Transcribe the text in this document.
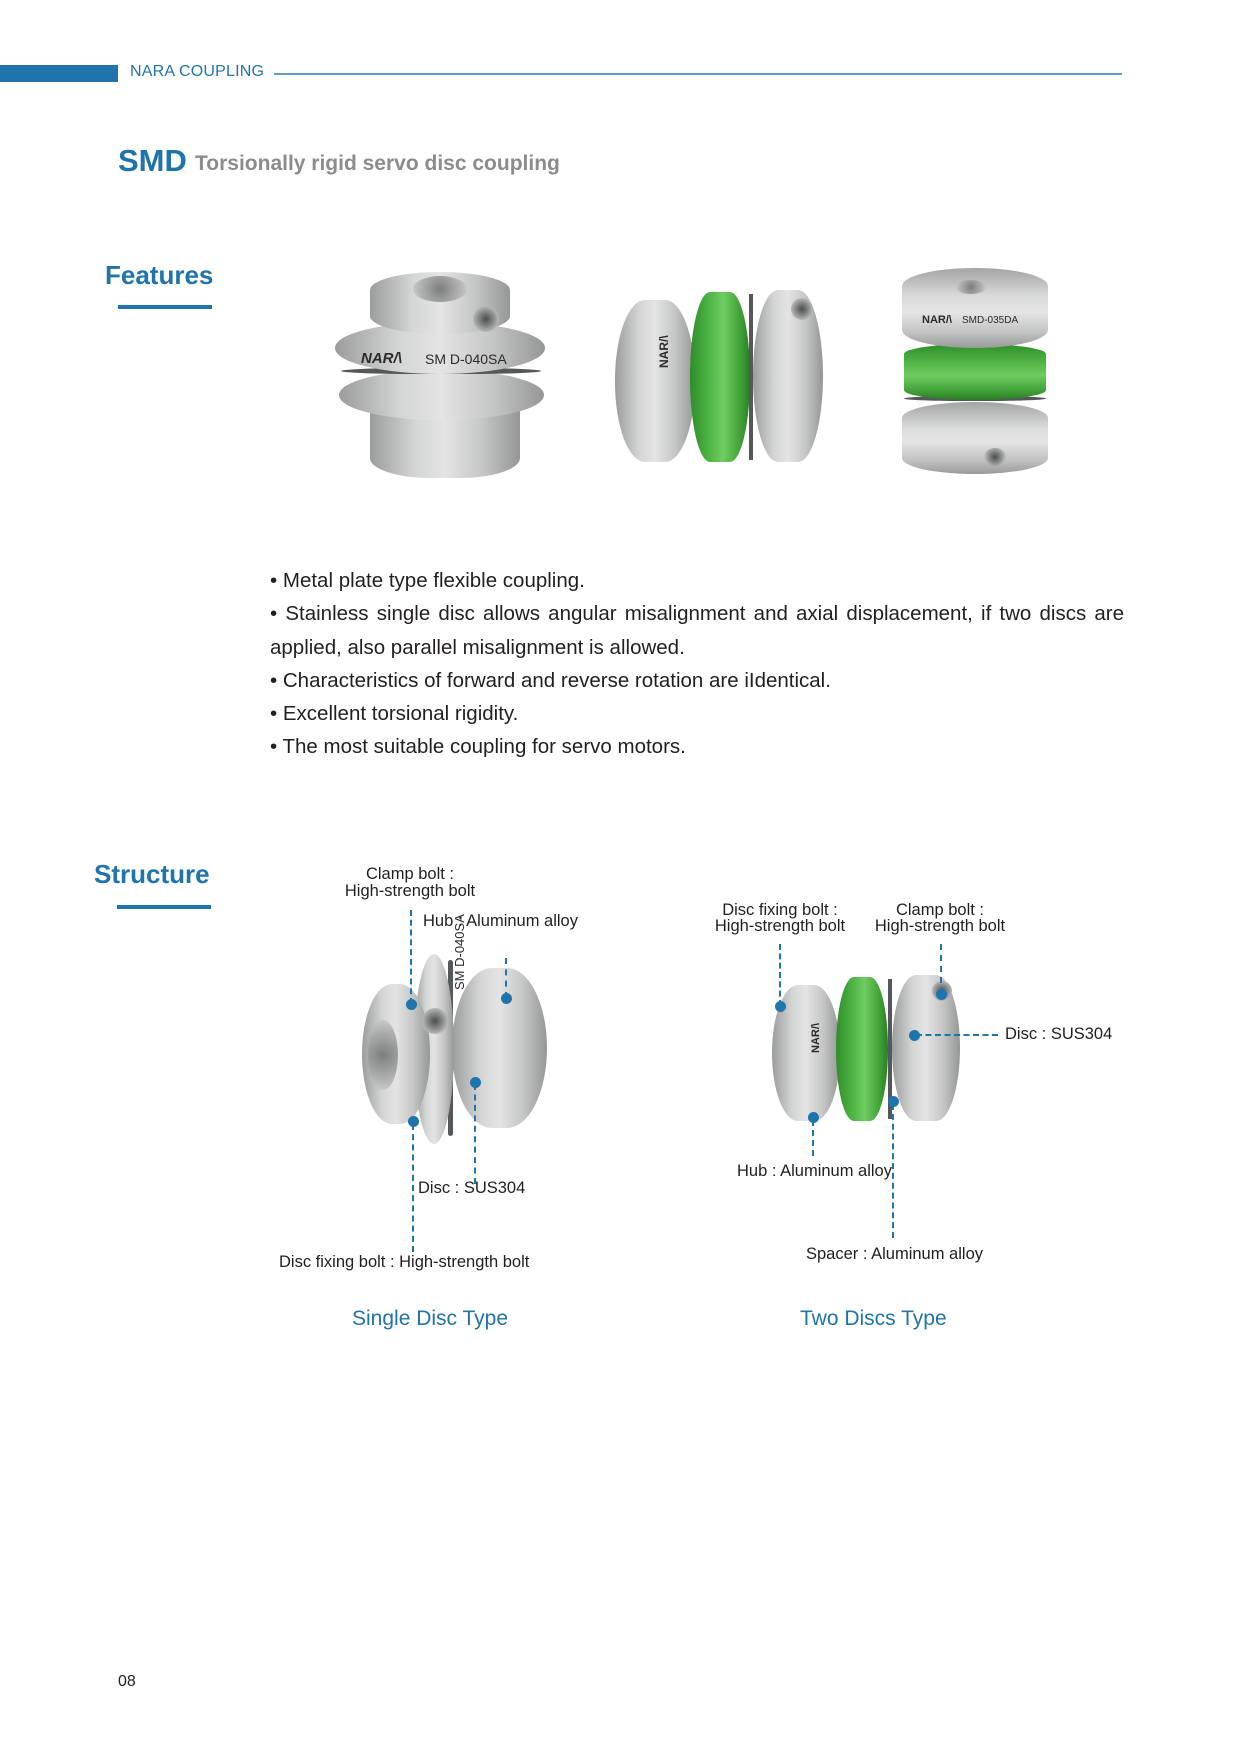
NARA COUPLING
SMD Torsionally rigid servo disc coupling
Features
NAR/\ SM D-040SA	NAR/\
NAR/\ SMD-035DA

• Metal plate type flexible coupling.

• Stainless single disc allows angular misalignment and axial displacement, if two discs are applied, also parallel misalignment is allowed.

• Characteristics of forward and reverse rotation are iIdentical.

• Excellent torsional rigidity.

• The most suitable coupling for servo motors.

Structure
SM D-040SA
Clamp bolt :
High-strength bolt
Hub : Aluminum alloy
Disc : SUS304
Disc fixing bolt : High-strength bolt
Single Disc Type
NAR/\
Disc fixing bolt :
High-strength bolt
Clamp bolt :
High-strength bolt
Disc : SUS304
Hub : Aluminum alloy
Spacer : Aluminum alloy
Two Discs Type
08
